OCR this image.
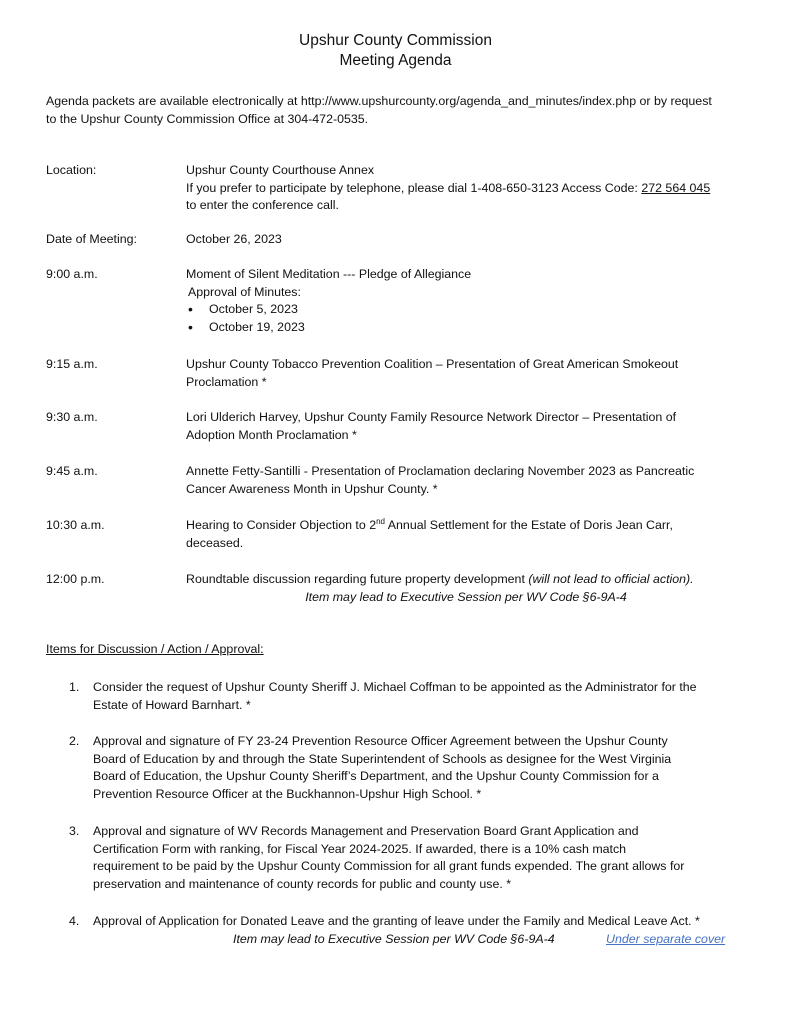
Upshur County Commission
Meeting Agenda
Agenda packets are available electronically at http://www.upshurcounty.org/agenda_and_minutes/index.php or by request
to the Upshur County Commission Office at 304-472-0535.
Location:	Upshur County Courthouse Annex
If you prefer to participate by telephone, please dial 1-408-650-3123 Access Code: 272 564 045
to enter the conference call.
Date of Meeting:	October 26, 2023
9:00 a.m.	Moment of Silent Meditation --- Pledge of Allegiance
Approval of Minutes:
• October 5, 2023
• October 19, 2023
9:15 a.m.	Upshur County Tobacco Prevention Coalition – Presentation of Great American Smokeout
Proclamation *
9:30 a.m.	Lori Ulderich Harvey, Upshur County Family Resource Network Director – Presentation of
Adoption Month Proclamation *
9:45 a.m.	Annette Fetty-Santilli - Presentation of Proclamation declaring November 2023 as Pancreatic
Cancer Awareness Month in Upshur County. *
10:30 a.m.	Hearing to Consider Objection to 2nd Annual Settlement for the Estate of Doris Jean Carr,
deceased.
12:00 p.m.	Roundtable discussion regarding future property development (will not lead to official action).
Item may lead to Executive Session per WV Code §6-9A-4
Items for Discussion / Action / Approval:
1. Consider the request of Upshur County Sheriff J. Michael Coffman to be appointed as the Administrator for the
Estate of Howard Barnhart. *
2. Approval and signature of FY 23-24 Prevention Resource Officer Agreement between the Upshur County
Board of Education by and through the State Superintendent of Schools as designee for the West Virginia
Board of Education, the Upshur County Sheriff’s Department, and the Upshur County Commission for a
Prevention Resource Officer at the Buckhannon-Upshur High School. *
3. Approval and signature of WV Records Management and Preservation Board Grant Application and
Certification Form with ranking, for Fiscal Year 2024-2025. If awarded, there is a 10% cash match
requirement to be paid by the Upshur County Commission for all grant funds expended. The grant allows for
preservation and maintenance of county records for public and county use. *
4. Approval of Application for Donated Leave and the granting of leave under the Family and Medical Leave Act. *
Item may lead to Executive Session per WV Code §6-9A-4	Under separate cover
